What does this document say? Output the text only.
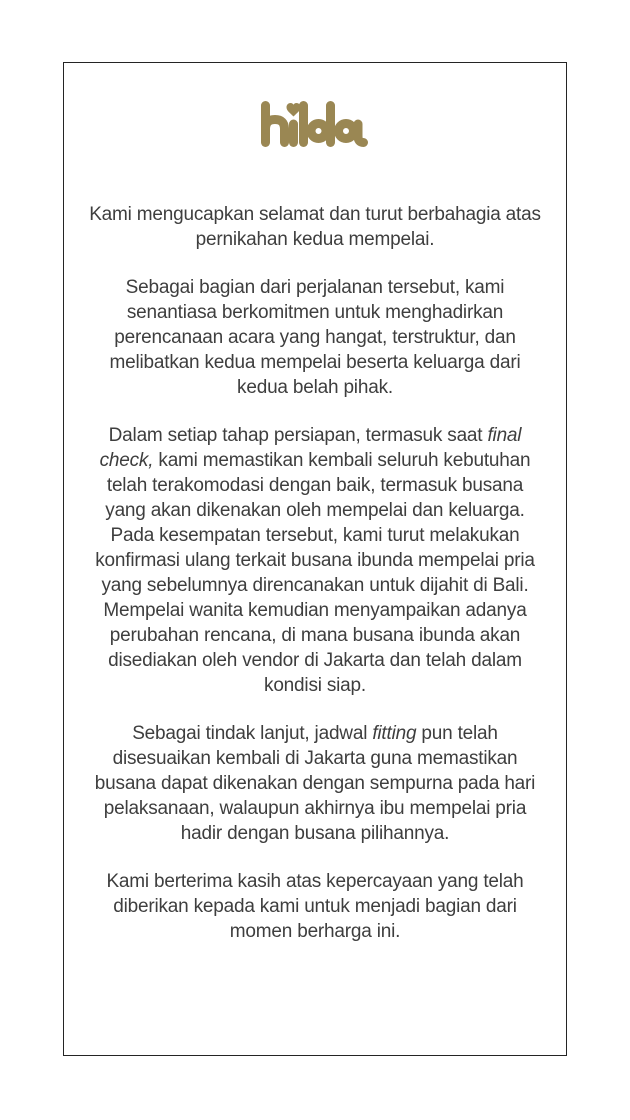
Kami mengucapkan selamat dan turut berbahagia atas
pernikahan kedua mempelai.

Sebagai bagian dari perjalanan tersebut, kami
senantiasa berkomitmen untuk menghadirkan
perencanaan acara yang hangat, terstruktur, dan
melibatkan kedua mempelai beserta keluarga dari
kedua belah pihak.

Dalam setiap tahap persiapan, termasuk saat final
check, kami memastikan kembali seluruh kebutuhan
telah terakomodasi dengan baik, termasuk busana
yang akan dikenakan oleh mempelai dan keluarga.
Pada kesempatan tersebut, kami turut melakukan
konfirmasi ulang terkait busana ibunda mempelai pria
yang sebelumnya direncanakan untuk dijahit di Bali.
Mempelai wanita kemudian menyampaikan adanya
perubahan rencana, di mana busana ibunda akan
disediakan oleh vendor di Jakarta dan telah dalam
kondisi siap.

Sebagai tindak lanjut, jadwal fitting pun telah
disesuaikan kembali di Jakarta guna memastikan
busana dapat dikenakan dengan sempurna pada hari
pelaksanaan, walaupun akhirnya ibu mempelai pria
hadir dengan busana pilihannya.

Kami berterima kasih atas kepercayaan yang telah
diberikan kepada kami untuk menjadi bagian dari
momen berharga ini.
